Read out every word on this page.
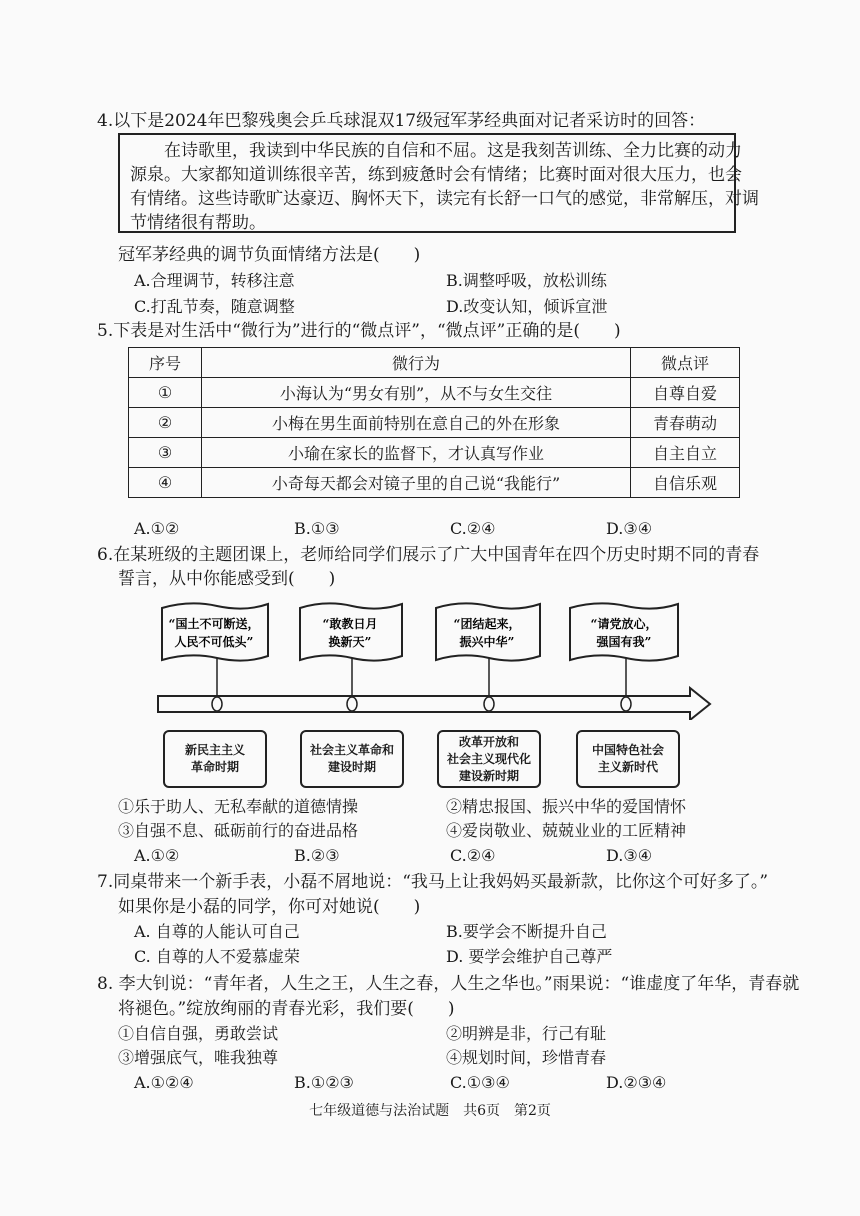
4.以下是2024年巴黎残奥会乒乓球混双17级冠军茅经典面对记者采访时的回答：
在诗歌里，我读到中华民族的自信和不屈。这是我刻苦训练、全力比赛的动力
源泉。大家都知道训练很辛苦，练到疲惫时会有情绪；比赛时面对很大压力，也会
有情绪。这些诗歌旷达豪迈、胸怀天下，读完有长舒一口气的感觉，非常解压，对调
节情绪很有帮助。
冠军茅经典的调节负面情绪方法是(　　)
A.合理调节，转移注意	B.调整呼吸，放松训练
C.打乱节奏，随意调整	D.改变认知，倾诉宣泄
5.下表是对生活中“微行为”进行的“微点评”，“微点评”正确的是(　　)
序号	微行为	微点评
①	小海认为“男女有别”，从不与女生交往	自尊自爱
②	小梅在男生面前特别在意自己的外在形象	青春萌动
③	小瑜在家长的监督下，才认真写作业	自主自立
④	小奇每天都会对镜子里的自己说“我能行”	自信乐观
A.①②	B.①③	C.②④	D.③④
6.在某班级的主题团课上，老师给同学们展示了广大中国青年在四个历史时期不同的青春
誓言，从中你能感受到(　　)
“国土不可断送，
人民不可低头”
“敢教日月
换新天”
“团结起来，
振兴中华”
“请党放心，
强国有我”
新民主主义
革命时期
社会主义革命和
建设时期
改革开放和
社会主义现代化
建设新时期
中国特色社会
主义新时代
①乐于助人、无私奉献的道德情操	②精忠报国、振兴中华的爱国情怀
③自强不息、砥砺前行的奋进品格	④爱岗敬业、兢兢业业的工匠精神
A.①②	B.②③	C.②④	D.③④
7.同桌带来一个新手表，小磊不屑地说：“我马上让我妈妈买最新款，比你这个可好多了。”
如果你是小磊的同学，你可对她说(　　)
A. 自尊的人能认可自己	B.要学会不断提升自己
C. 自尊的人不爱慕虚荣	D. 要学会维护自己尊严
8. 李大钊说：“青年者，人生之王，人生之春，人生之华也。”雨果说：“谁虚度了年华，青春就
将褪色。”绽放绚丽的青春光彩，我们要(　　)
①自信自强，勇敢尝试	②明辨是非，行己有耻
③增强底气，唯我独尊	④规划时间，珍惜青春
A.①②④	B.①②③	C.①③④	D.②③④
七年级道德与法治试题　共6页　第2页
